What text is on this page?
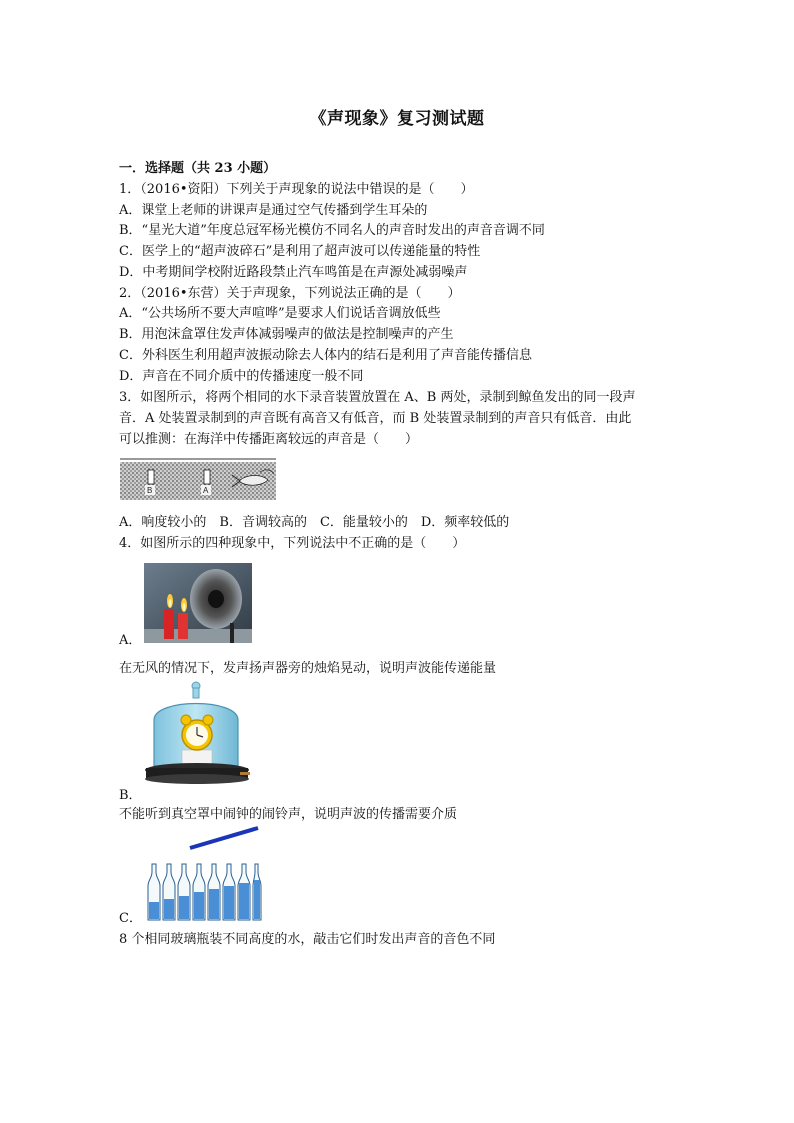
《声现象》复习测试题
一．选择题（共 23 小题）
1．（2016•资阳）下列关于声现象的说法中错误的是（　　）
A．课堂上老师的讲课声是通过空气传播到学生耳朵的
B．“星光大道”年度总冠军杨光模仿不同名人的声音时发出的声音音调不同
C．医学上的“超声波碎石”是利用了超声波可以传递能量的特性
D．中考期间学校附近路段禁止汽车鸣笛是在声源处减弱噪声
2．（2016•东营）关于声现象，下列说法正确的是（　　）
A．“公共场所不要大声喧哗”是要求人们说话音调放低些
B．用泡沫盒罩住发声体减弱噪声的做法是控制噪声的产生
C．外科医生利用超声波振动除去人体内的结石是利用了声音能传播信息
D．声音在不同介质中的传播速度一般不同
3．如图所示，将两个相同的水下录音装置放置在 A、B 两处，录制到鲸鱼发出的同一段声
音．A 处装置录制到的声音既有高音又有低音，而 B 处装置录制到的声音只有低音．由此
可以推测：在海洋中传播距离较远的声音是（　　）
B	A
A．响度较小的　B．音调较高的　C．能量较小的　D．频率较低的
4．如图所示的四种现象中，下列说法中不正确的是（　　）
A．
在无风的情况下，发声扬声器旁的烛焰晃动，说明声波能传递能量
B．
不能听到真空罩中闹钟的闹铃声，说明声波的传播需要介质
C．
8 个相同玻璃瓶装不同高度的水，敲击它们时发出声音的音色不同
